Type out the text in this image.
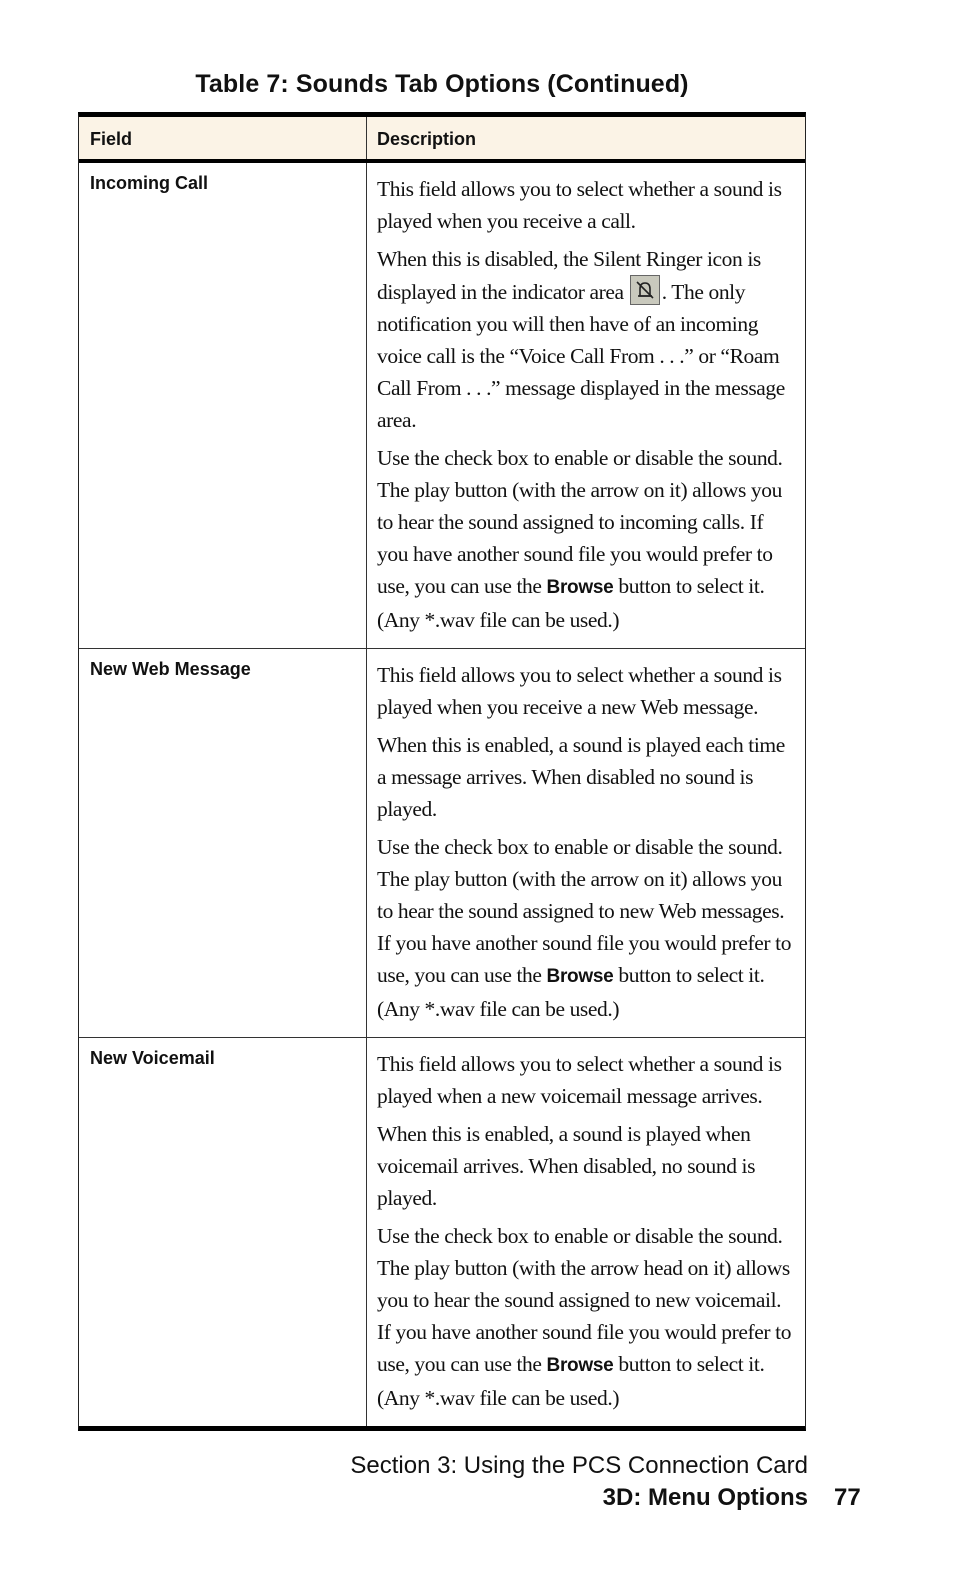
Table 7: Sounds Tab Options (Continued)
Field	Description
Incoming Call	This field allows you to select whether a sound is played when you receive a call.

When this is disabled, the Silent Ringer icon is displayed in the indicator area . The only notification you will then have of an incoming voice call is the “Voice Call From . . .” or “Roam Call From . . .” message displayed in the message area.

Use the check box to enable or disable the sound. The play button (with the arrow on it) allows you to hear the sound assigned to incoming calls. If you have another sound file you would prefer to use, you can use the Browse button to select it. (Any *.wav file can be used.)

New Web Message	This field allows you to select whether a sound is played when you receive a new Web message.

When this is enabled, a sound is played each time a message arrives. When disabled no sound is played.

Use the check box to enable or disable the sound. The play button (with the arrow on it) allows you to hear the sound assigned to new Web messages. If you have another sound file you would prefer to use, you can use the Browse button to select it. (Any *.wav file can be used.)

New Voicemail	This field allows you to select whether a sound is played when a new voicemail message arrives.

When this is enabled, a sound is played when voicemail arrives. When disabled, no sound is played.

Use the check box to enable or disable the sound. The play button (with the arrow head on it) allows you to hear the sound assigned to new voicemail. If you have another sound file you would prefer to use, you can use the Browse button to select it. (Any *.wav file can be used.)

Section 3: Using the PCS Connection Card
3D: Menu Options 77
